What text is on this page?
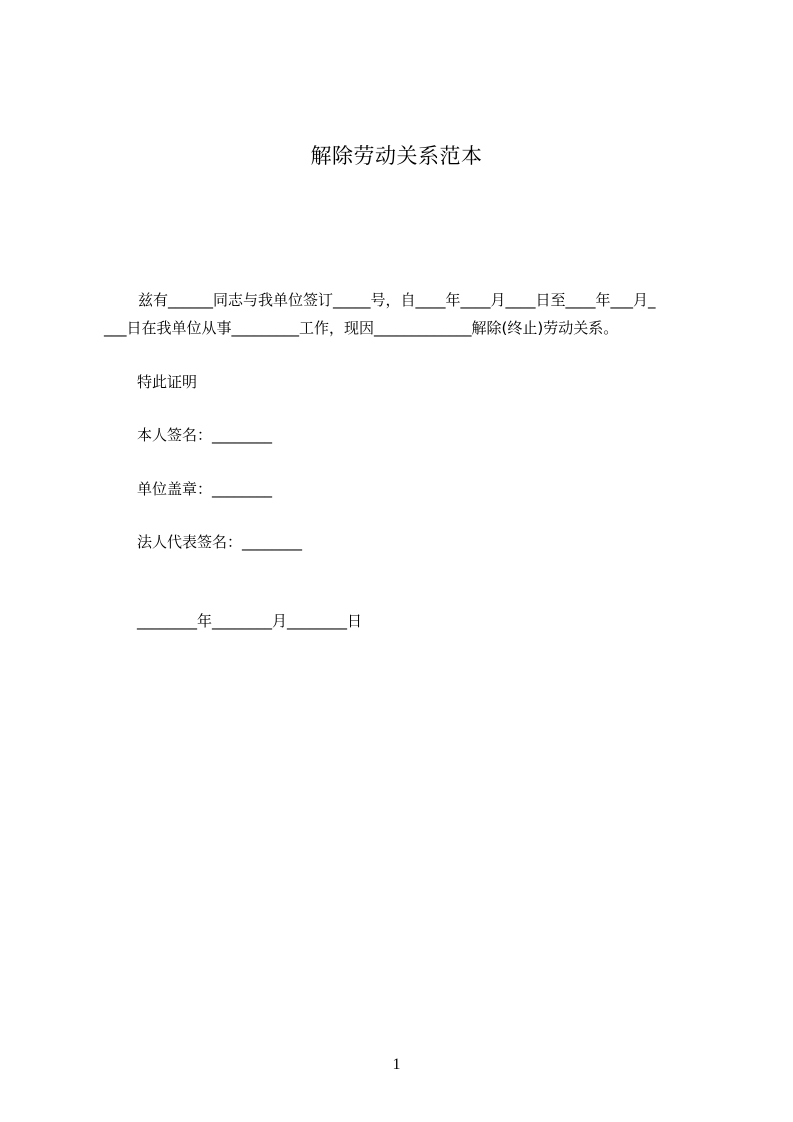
解除劳动关系范本
兹有______同志与我单位签订_____号，自____年____月____日至____年___月_
___日在我单位从事_________工作，现因_____________解除(终止)劳动关系。
特此证明
本人签名：________
单位盖章：________
法人代表签名：________
________年________月________日
1
